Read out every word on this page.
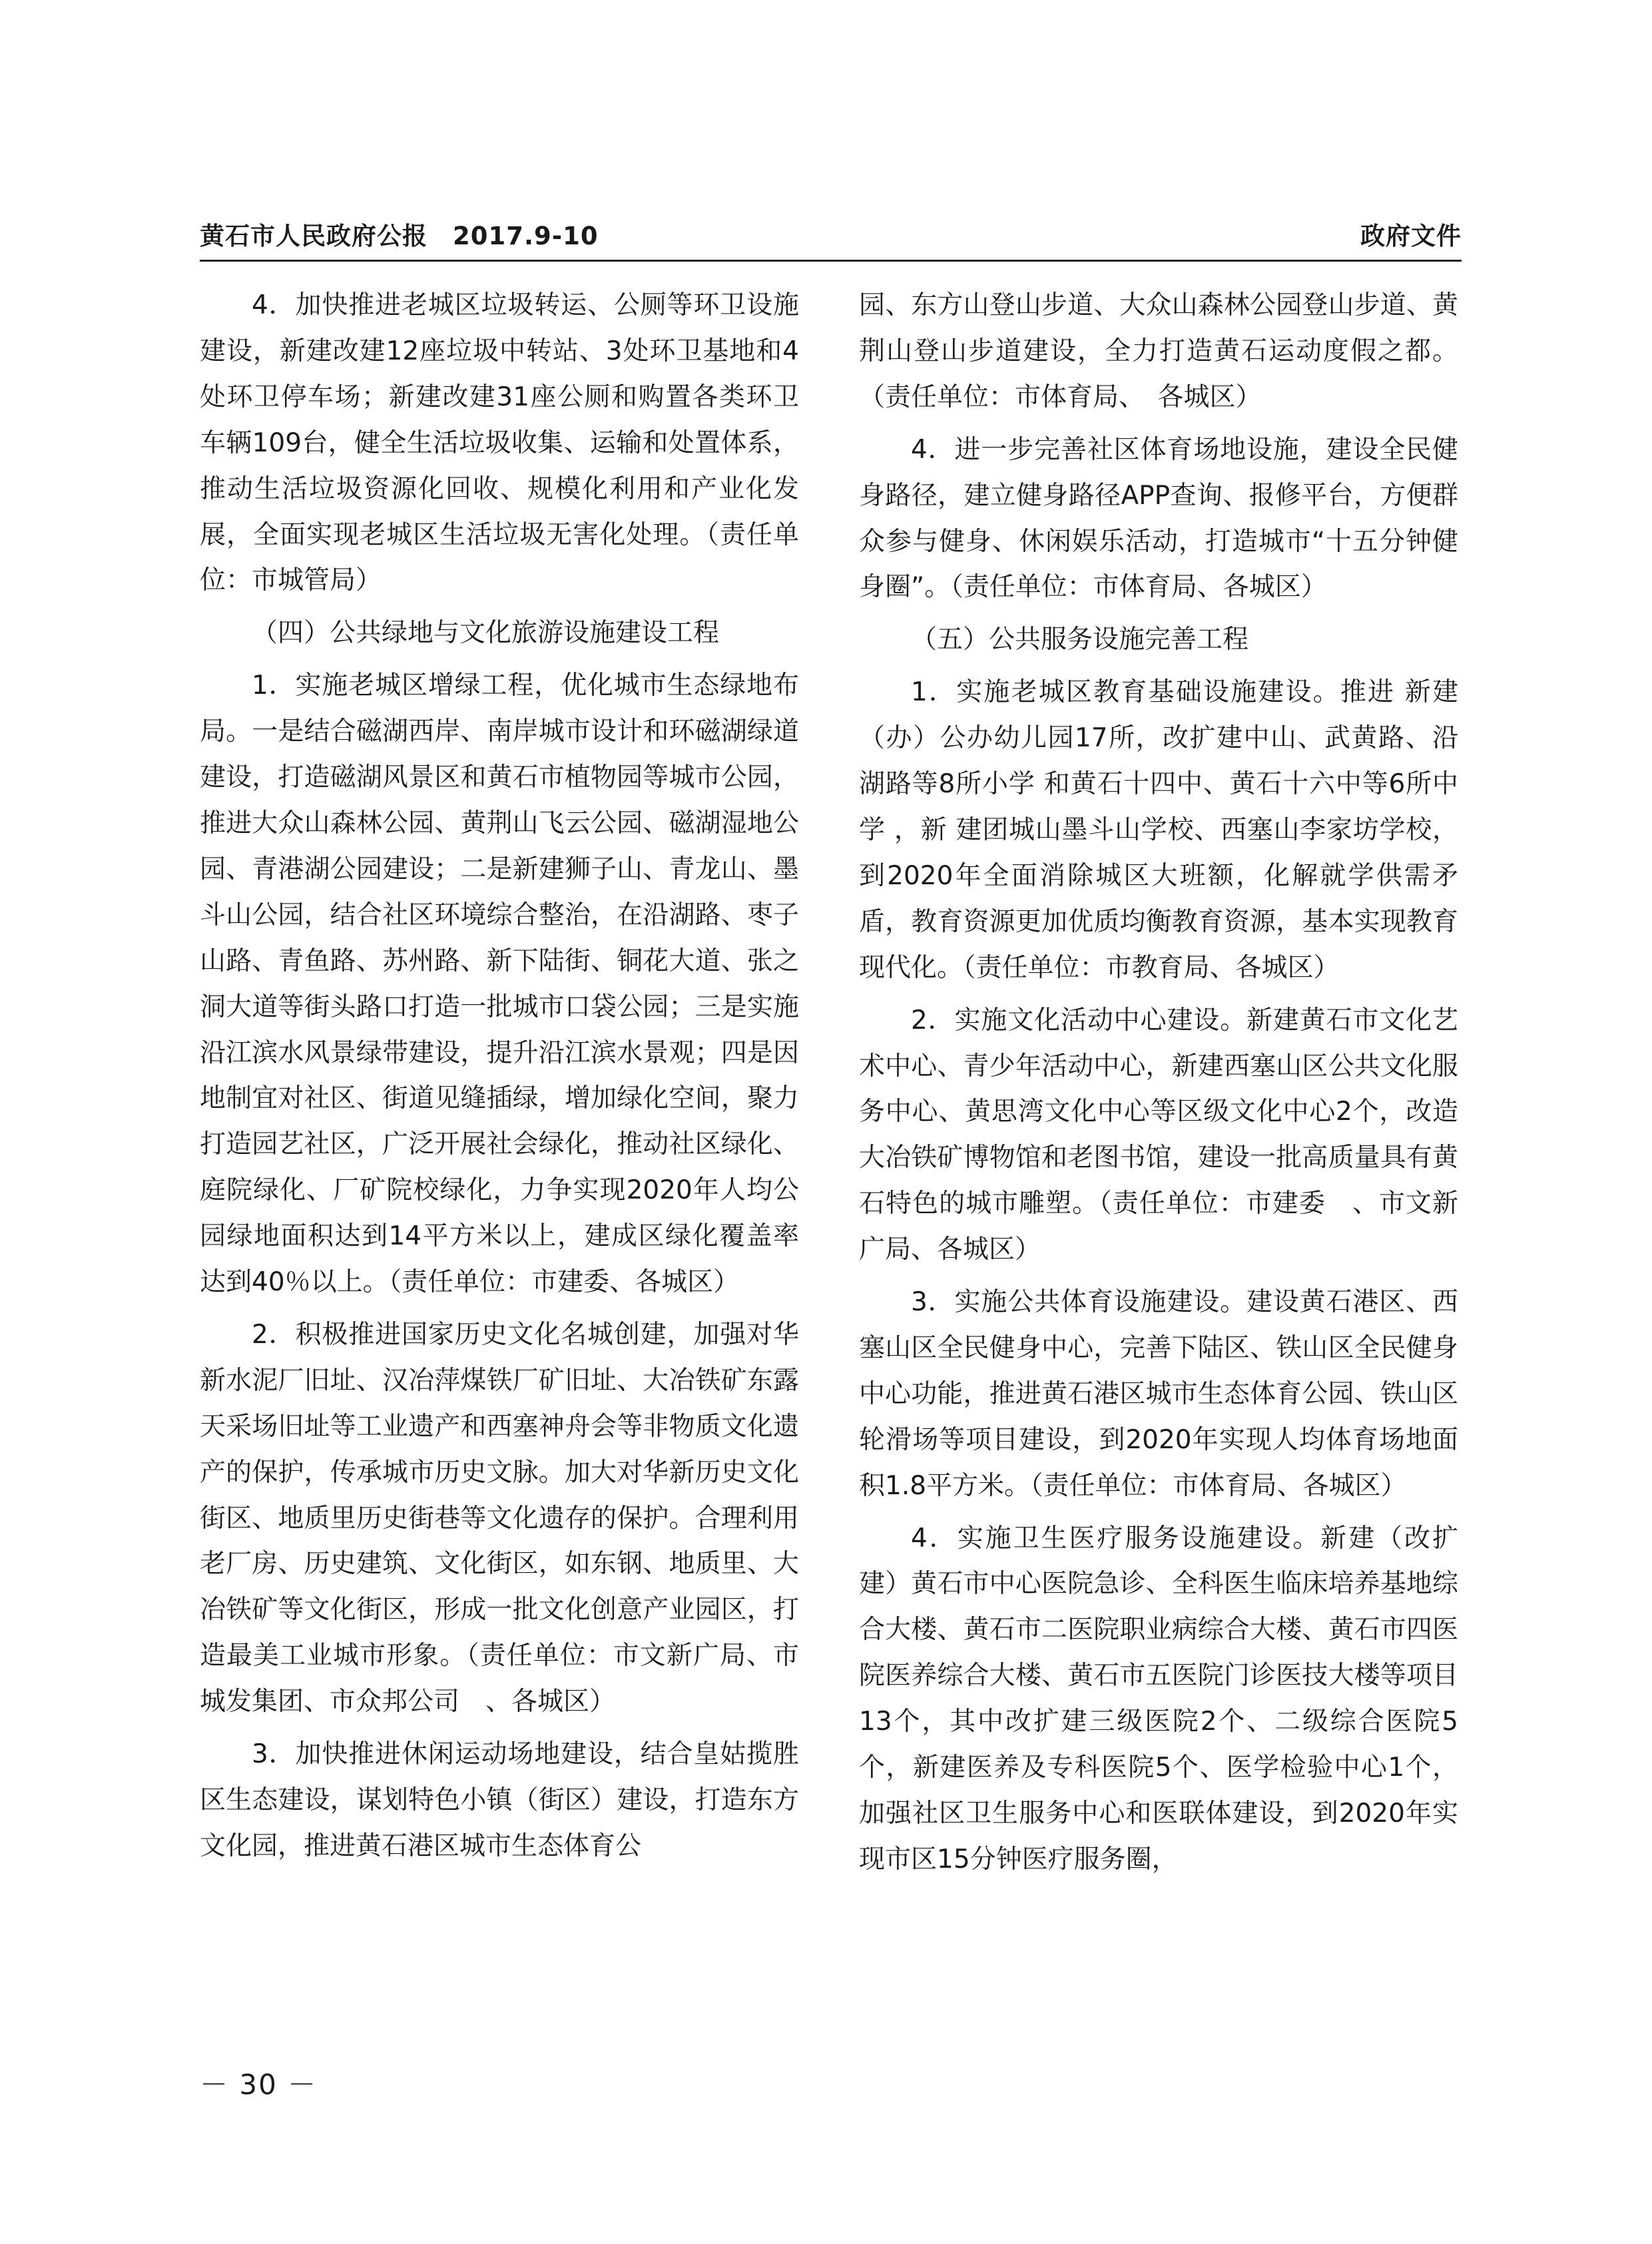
黄石市人民政府公报　2017.9-10	政府文件

4．加快推进老城区垃圾转运、公厕等环卫设施建设，新建改建12座垃圾中转站、3处环卫基地和4处环卫停车场；新建改建31座公厕和购置各类环卫车辆109台，健全生活垃圾收集、运输和处置体系，推动生活垃圾资源化回收、规模化利用和产业化发展，全面实现老城区生活垃圾无害化处理。（责任单位：市城管局）

（四）公共绿地与文化旅游设施建设工程

1．实施老城区增绿工程，优化城市生态绿地布局。一是结合磁湖西岸、南岸城市设计和环磁湖绿道建设，打造磁湖风景区和黄石市植物园等城市公园，推进大众山森林公园、黄荆山飞云公园、磁湖湿地公园、青港湖公园建设；二是新建狮子山、青龙山、墨斗山公园，结合社区环境综合整治，在沿湖路、枣子山路、青鱼路、苏州路、新下陆街、铜花大道、张之洞大道等街头路口打造一批城市口袋公园；三是实施沿江滨水风景绿带建设，提升沿江滨水景观；四是因地制宜对社区、街道见缝插绿，增加绿化空间，聚力打造园艺社区，广泛开展社会绿化，推动社区绿化、庭院绿化、厂矿院校绿化，力争实现2020年人均公园绿地面积达到14平方米以上，建成区绿化覆盖率达到40％以上。（责任单位：市建委、各城区）

2．积极推进国家历史文化名城创建，加强对华新水泥厂旧址、汉冶萍煤铁厂矿旧址、大冶铁矿东露天采场旧址等工业遗产和西塞神舟会等非物质文化遗产的保护，传承城市历史文脉。加大对华新历史文化街区、地质里历史街巷等文化遗存的保护。合理利用老厂房、历史建筑、文化街区，如东钢、地质里、大冶铁矿等文化街区，形成一批文化创意产业园区，打造最美工业城市形象。（责任单位：市文新广局、市城发集团、市众邦公司　、各城区）

3．加快推进休闲运动场地建设，结合皇姑揽胜区生态建设，谋划特色小镇（街区）建设，打造东方文化园，推进黄石港区城市生态体育公

园、东方山登山步道、大众山森林公园登山步道、黄荆山登山步道建设，全力打造黄石运动度假之都。（责任单位：市体育局、　各城区）

4．进一步完善社区体育场地设施，建设全民健身路径，建立健身路径APP查询、报修平台，方便群众参与健身、休闲娱乐活动，打造城市“十五分钟健身圈”。（责任单位：市体育局、各城区）

（五）公共服务设施完善工程

1．实施老城区教育基础设施建设。推进 新建（办）公办幼儿园17所，改扩建中山、武黄路、沿湖路等8所小学 和黄石十四中、黄石十六中等6所中学 ，新 建团城山墨斗山学校、西塞山李家坊学校，到2020年全面消除城区大班额，化解就学供需矛盾，教育资源更加优质均衡教育资源，基本实现教育现代化。（责任单位：市教育局、各城区）

2．实施文化活动中心建设。新建黄石市文化艺术中心、青少年活动中心，新建西塞山区公共文化服务中心、黄思湾文化中心等区级文化中心2个，改造大冶铁矿博物馆和老图书馆，建设一批高质量具有黄石特色的城市雕塑。（责任单位：市建委　、市文新广局、各城区）

3．实施公共体育设施建设。建设黄石港区、西塞山区全民健身中心，完善下陆区、铁山区全民健身中心功能，推进黄石港区城市生态体育公园、铁山区轮滑场等项目建设，到2020年实现人均体育场地面积1.8平方米。（责任单位：市体育局、各城区）

4．实施卫生医疗服务设施建设。新建（改扩建）黄石市中心医院急诊、全科医生临床培养基地综合大楼、黄石市二医院职业病综合大楼、黄石市四医院医养综合大楼、黄石市五医院门诊医技大楼等项目13个，其中改扩建三级医院2个、二级综合医院5个，新建医养及专科医院5个、医学检验中心1个，加强社区卫生服务中心和医联体建设，到2020年实现市区15分钟医疗服务圈，

－ 30 －
